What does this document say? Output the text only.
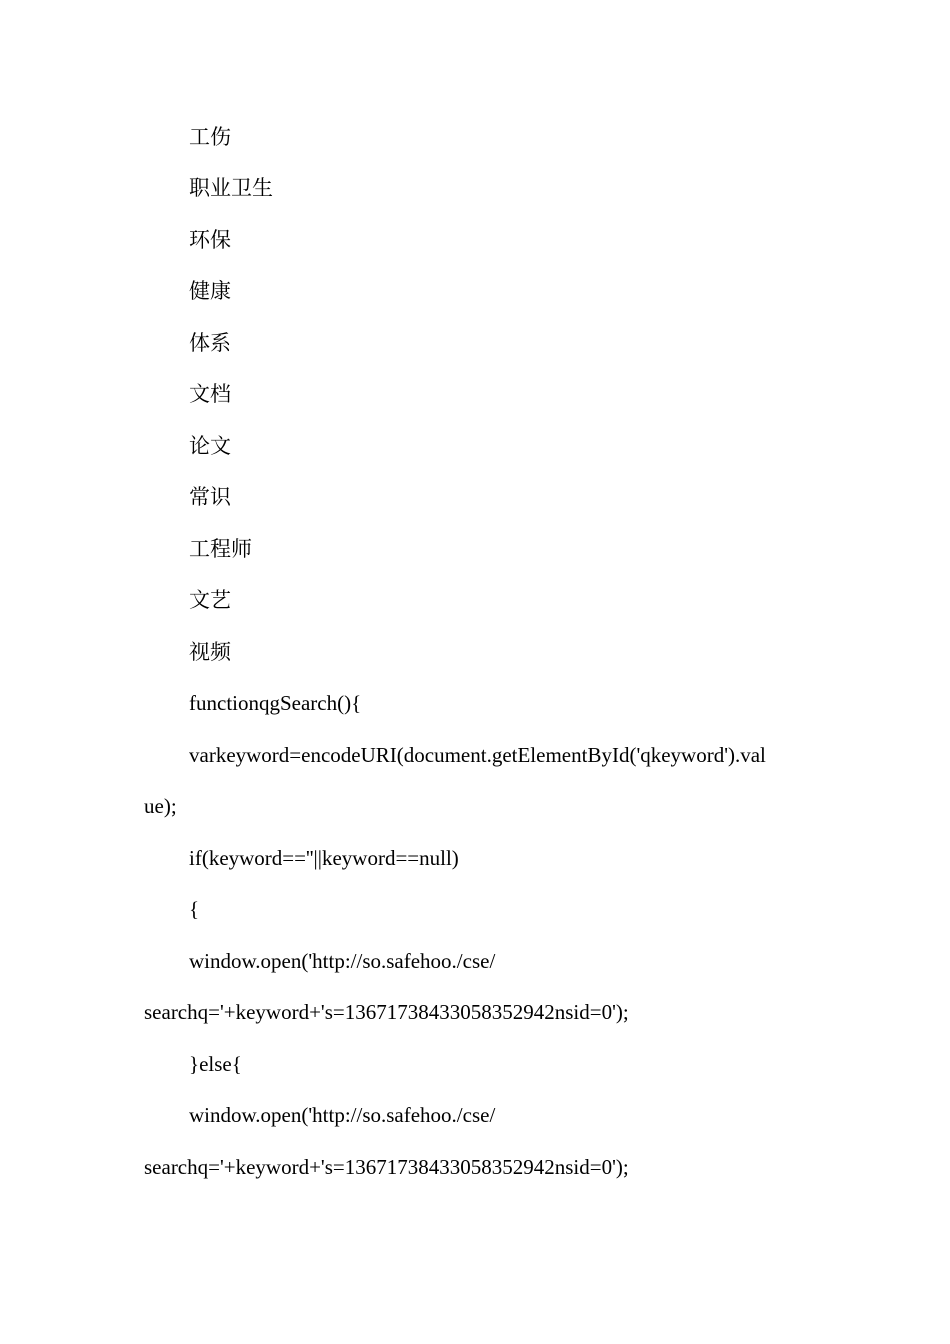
工伤
职业卫生
环保
健康
体系
文档
论文
常识
工程师
文艺
视频
functionqgSearch(){
varkeyword=encodeURI(document.getElementById('qkeyword').val
ue);
if(keyword==''||keyword==null)
{
window.open('http://so.safehoo./cse/
searchq='+keyword+'s=13671738433058352942nsid=0');
}else{
window.open('http://so.safehoo./cse/
searchq='+keyword+'s=13671738433058352942nsid=0');
